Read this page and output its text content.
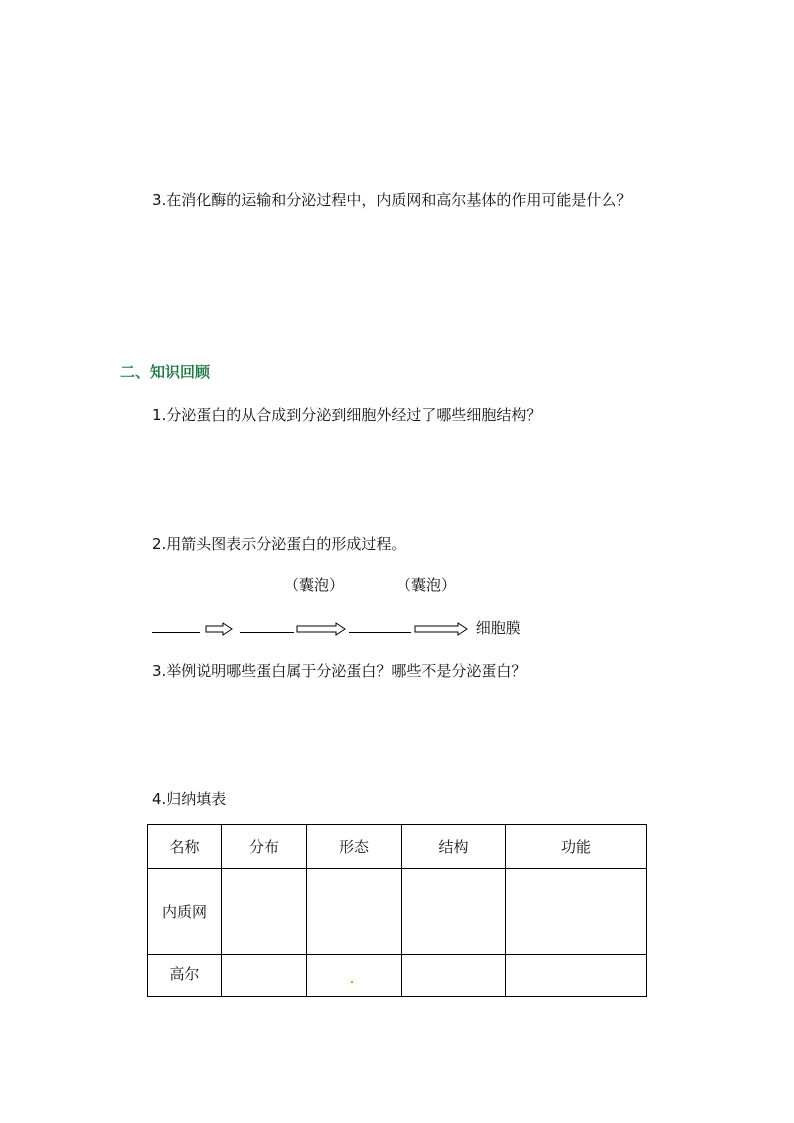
3.在消化酶的运输和分泌过程中，内质网和高尔基体的作用可能是什么？
二、知识回顾
1.分泌蛋白的从合成到分泌到细胞外经过了哪些细胞结构？
2.用箭头图表示分泌蛋白的形成过程。
（囊泡）	（囊泡）
细胞膜
3.举例说明哪些蛋白属于分泌蛋白？哪些不是分泌蛋白？
4.归纳填表
名称	分布	形态	结构	功能
内质网				
高尔				
